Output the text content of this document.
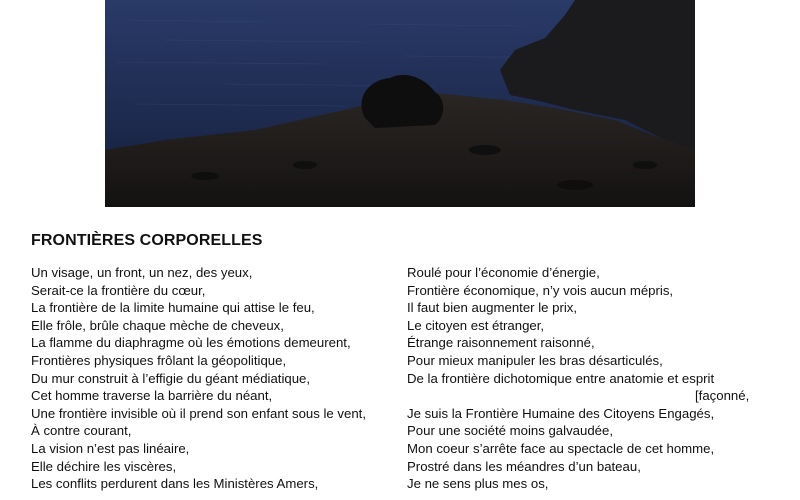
FRONTIÈRES CORPORELLES
Un visage, un front, un nez, des yeux,
Serait-ce la frontière du cœur,
La frontière de la limite humaine qui attise le feu,
Elle frôle, brûle chaque mèche de cheveux,
La flamme du diaphragme où les émotions demeurent,
Frontières physiques frôlant la géopolitique,
Du mur construit à l’effigie du géant médiatique,
Cet homme traverse la barrière du néant,
Une frontière invisible où il prend son enfant sous le vent,
À contre courant,
La vision n’est pas linéaire,
Elle déchire les viscères,
Les conflits perdurent dans les Ministères Amers,
Roulé pour l’économie d’énergie,
Frontière économique, n’y vois aucun mépris,
Il faut bien augmenter le prix,
Le citoyen est étranger,
Étrange raisonnement raisonné,
Pour mieux manipuler les bras désarticulés,
De la frontière dichotomique entre anatomie et esprit
[façonné,
Je suis la Frontière Humaine des Citoyens Engagés,
Pour une société moins galvaudée,
Mon coeur s’arrête face au spectacle de cet homme,
Prostré dans les méandres d’un bateau,
Je ne sens plus mes os,
